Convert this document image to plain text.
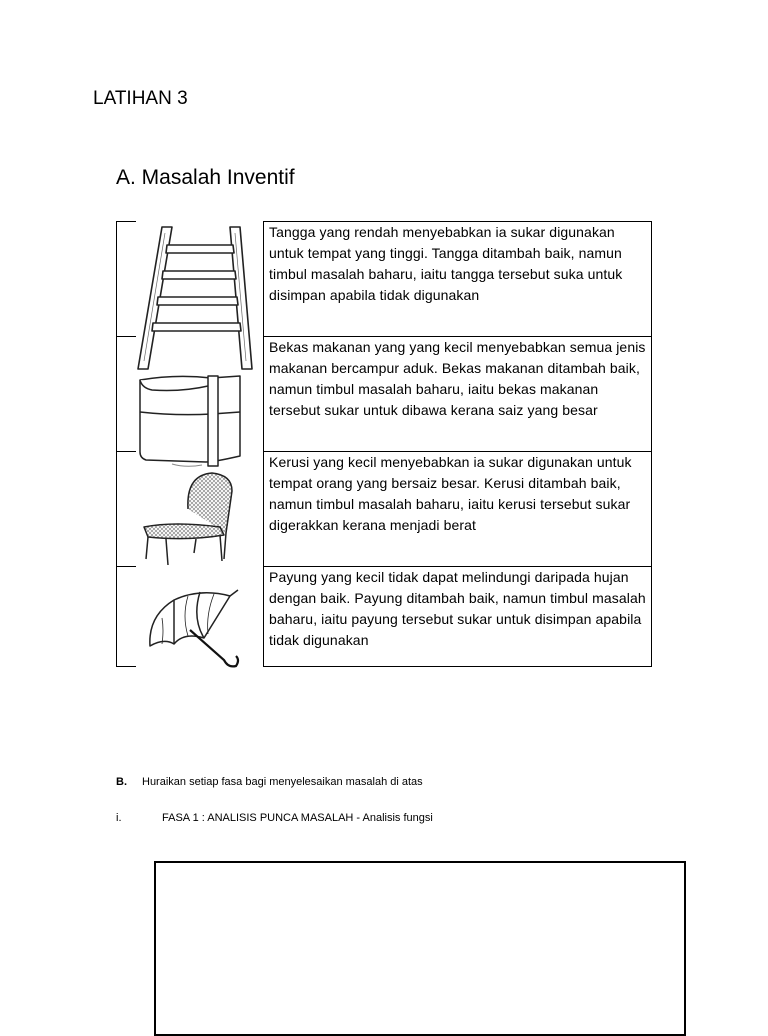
LATIHAN 3
A. Masalah Inventif
Tangga yang rendah menyebabkan ia sukar digunakan untuk tempat yang tinggi. Tangga ditambah baik, namun timbul masalah baharu, iaitu tangga tersebut suka untuk disimpan apabila tidak digunakan
Bekas makanan yang yang kecil menyebabkan semua jenis makanan bercampur aduk. Bekas makanan ditambah baik, namun timbul masalah baharu, iaitu bekas makanan tersebut sukar untuk dibawa kerana saiz yang besar
Kerusi yang kecil menyebabkan ia sukar digunakan untuk tempat orang yang bersaiz besar. Kerusi ditambah baik, namun timbul masalah baharu, iaitu kerusi tersebut sukar digerakkan kerana menjadi berat
Payung yang kecil tidak dapat melindungi daripada hujan dengan baik. Payung ditambah baik, namun timbul masalah baharu, iaitu payung tersebut sukar untuk disimpan apabila tidak digunakan
B. Huraikan setiap fasa bagi menyelesaikan masalah di atas
i.	FASA 1 : ANALISIS PUNCA MASALAH - Analisis fungsi
